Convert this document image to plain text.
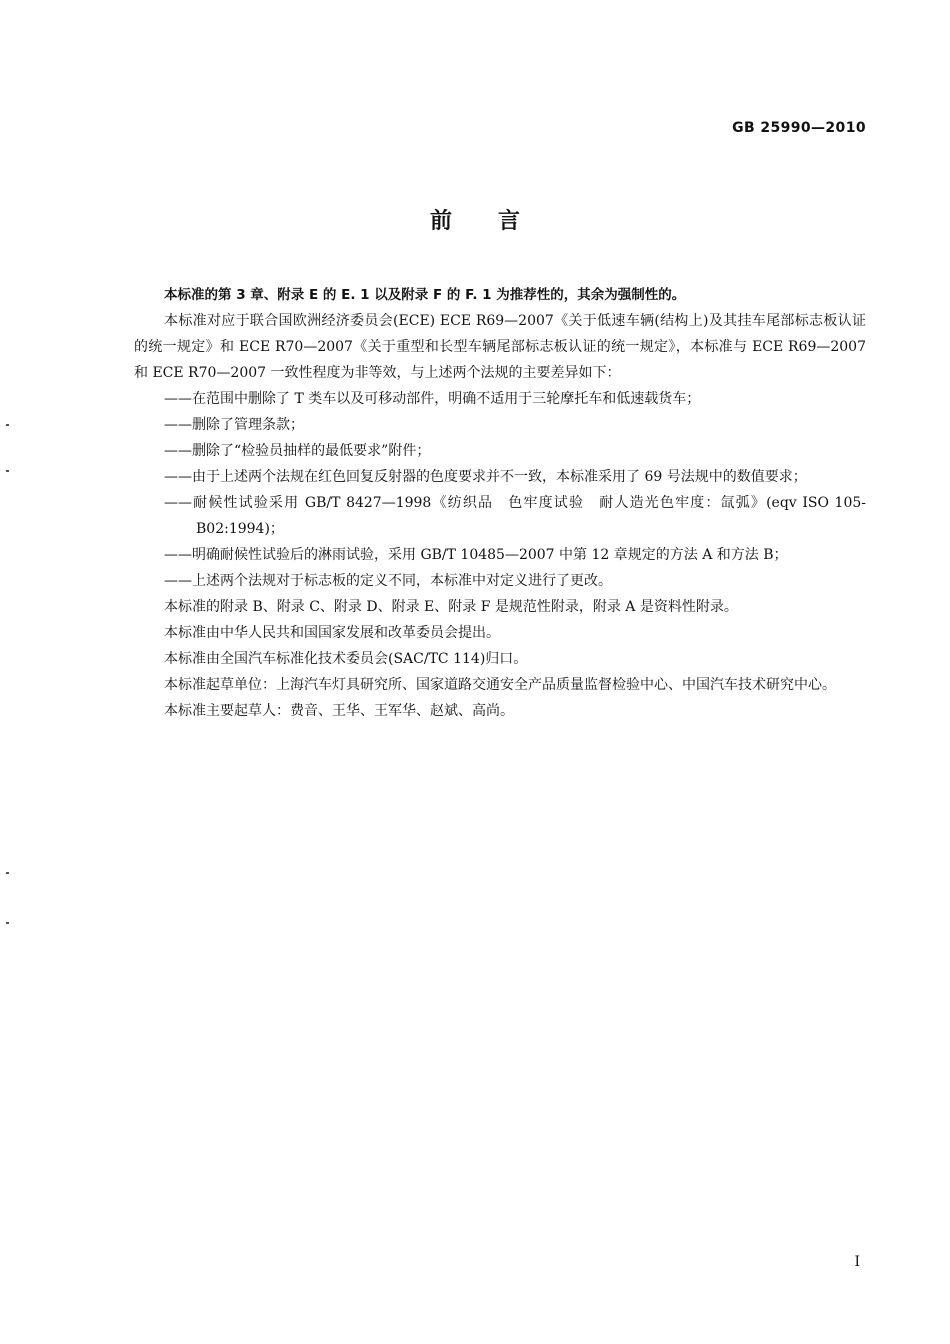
GB 25990—2010
前言

本标准的第 3 章、附录 E 的 E. 1 以及附录 F 的 F. 1 为推荐性的，其余为强制性的。

本标准对应于联合国欧洲经济委员会(ECE) ECE R69—2007《关于低速车辆(结构上)及其挂车尾部标志板认证的统一规定》和 ECE R70—2007《关于重型和长型车辆尾部标志板认证的统一规定》，本标准与 ECE R69—2007 和 ECE R70—2007 一致性程度为非等效，与上述两个法规的主要差异如下：

——在范围中删除了 T 类车以及可移动部件，明确不适用于三轮摩托车和低速载货车；

——删除了管理条款；

——删除了“检验员抽样的最低要求”附件；

——由于上述两个法规在红色回复反射器的色度要求并不一致，本标准采用了 69 号法规中的数值要求；

——耐候性试验采用 GB/T 8427—1998《纺织品　色牢度试验　耐人造光色牢度：氙弧》(eqv ISO 105-B02:1994)；

——明确耐候性试验后的淋雨试验，采用 GB/T 10485—2007 中第 12 章规定的方法 A 和方法 B；

——上述两个法规对于标志板的定义不同，本标准中对定义进行了更改。

本标准的附录 B、附录 C、附录 D、附录 E、附录 F 是规范性附录，附录 A 是资料性附录。

本标准由中华人民共和国国家发展和改革委员会提出。

本标准由全国汽车标准化技术委员会(SAC/TC 114)归口。

本标准起草单位：上海汽车灯具研究所、国家道路交通安全产品质量监督检验中心、中国汽车技术研究中心。

本标准主要起草人：费音、王华、王军华、赵斌、高尚。

I
